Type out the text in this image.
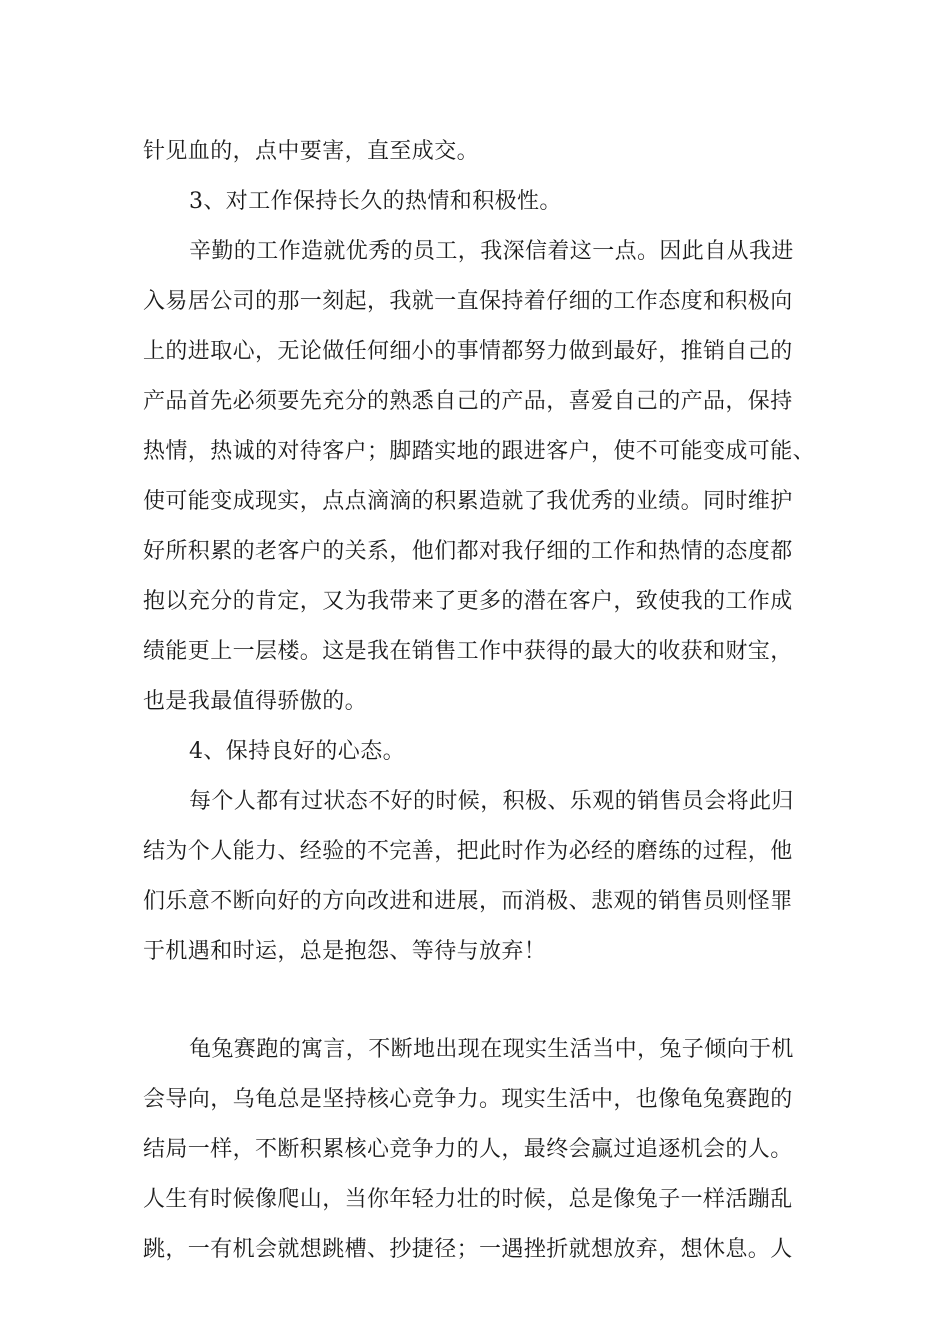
针见血的，点中要害，直至成交。
3、对工作保持长久的热情和积极性。
辛勤的工作造就优秀的员工，我深信着这一点。因此自从我进
入易居公司的那一刻起，我就一直保持着仔细的工作态度和积极向
上的进取心，无论做任何细小的事情都努力做到最好，推销自己的
产品首先必须要先充分的熟悉自己的产品，喜爱自己的产品，保持
热情，热诚的对待客户；脚踏实地的跟进客户，使不可能变成可能、
使可能变成现实，点点滴滴的积累造就了我优秀的业绩。同时维护
好所积累的老客户的关系，他们都对我仔细的工作和热情的态度都
抱以充分的肯定，又为我带来了更多的潜在客户，致使我的工作成
绩能更上一层楼。这是我在销售工作中获得的最大的收获和财宝，
也是我最值得骄傲的。
4、保持良好的心态。
每个人都有过状态不好的时候，积极、乐观的销售员会将此归
结为个人能力、经验的不完善，把此时作为必经的磨练的过程，他
们乐意不断向好的方向改进和进展，而消极、悲观的销售员则怪罪
于机遇和时运，总是抱怨、等待与放弃！
龟兔赛跑的寓言，不断地出现在现实生活当中，兔子倾向于机
会导向，乌龟总是坚持核心竞争力。现实生活中，也像龟兔赛跑的
结局一样，不断积累核心竞争力的人，最终会赢过追逐机会的人。
人生有时候像爬山，当你年轻力壮的时候，总是像兔子一样活蹦乱
跳，一有机会就想跳槽、抄捷径；一遇挫折就想放弃，想休息。人
